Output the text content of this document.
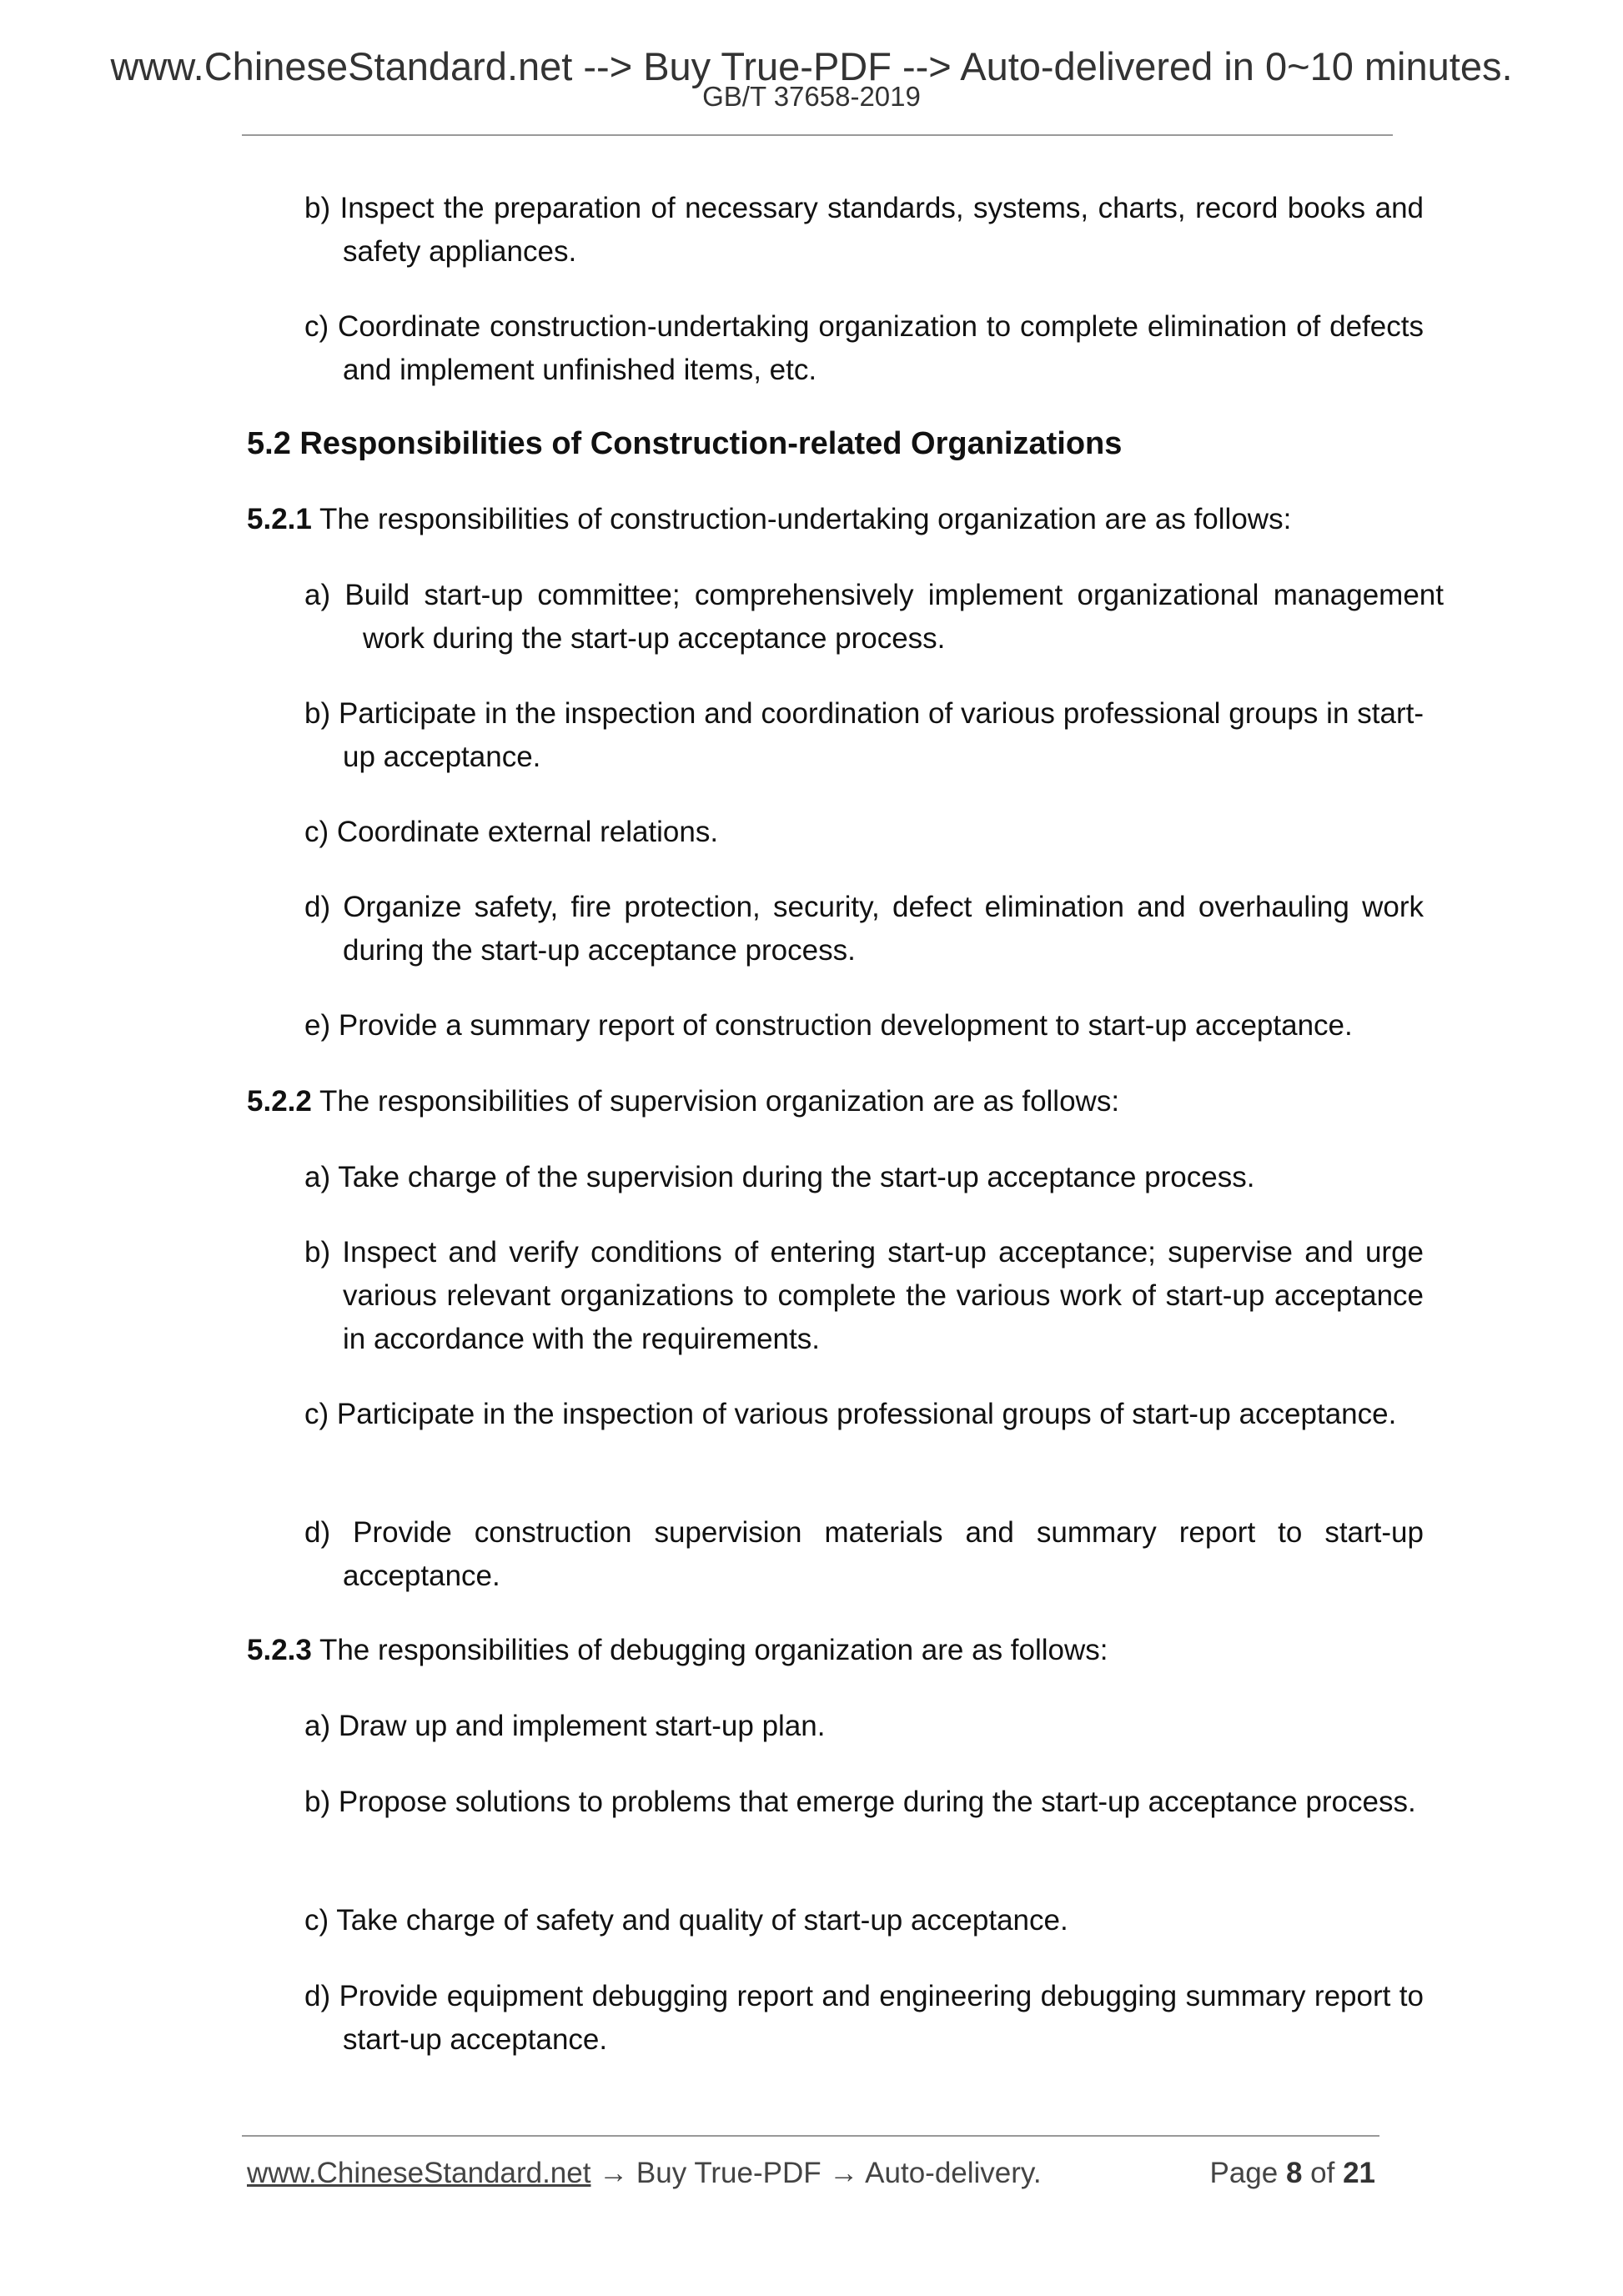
www.ChineseStandard.net --> Buy True-PDF --> Auto-delivered in 0~10 minutes.
GB/T 37658-2019
b) Inspect the preparation of necessary standards, systems, charts, record books and safety appliances.
c) Coordinate construction-undertaking organization to complete elimination of defects and implement unfinished items, etc.
5.2 Responsibilities of Construction-related Organizations
5.2.1 The responsibilities of construction-undertaking organization are as follows:
a) Build start-up committee; comprehensively implement organizational management work during the start-up acceptance process.
b) Participate in the inspection and coordination of various professional groups in start-up acceptance.
c) Coordinate external relations.
d) Organize safety, fire protection, security, defect elimination and overhauling work during the start-up acceptance process.
e) Provide a summary report of construction development to start-up acceptance.
5.2.2 The responsibilities of supervision organization are as follows:
a) Take charge of the supervision during the start-up acceptance process.
b) Inspect and verify conditions of entering start-up acceptance; supervise and urge various relevant organizations to complete the various work of start-up acceptance in accordance with the requirements.
c) Participate in the inspection of various professional groups of start-up acceptance.
d) Provide construction supervision materials and summary report to start-up acceptance.
5.2.3 The responsibilities of debugging organization are as follows:
a) Draw up and implement start-up plan.
b) Propose solutions to problems that emerge during the start-up acceptance process.
c) Take charge of safety and quality of start-up acceptance.
d) Provide equipment debugging report and engineering debugging summary report to start-up acceptance.
www.ChineseStandard.net → Buy True-PDF → Auto-delivery.	Page 8 of 21
